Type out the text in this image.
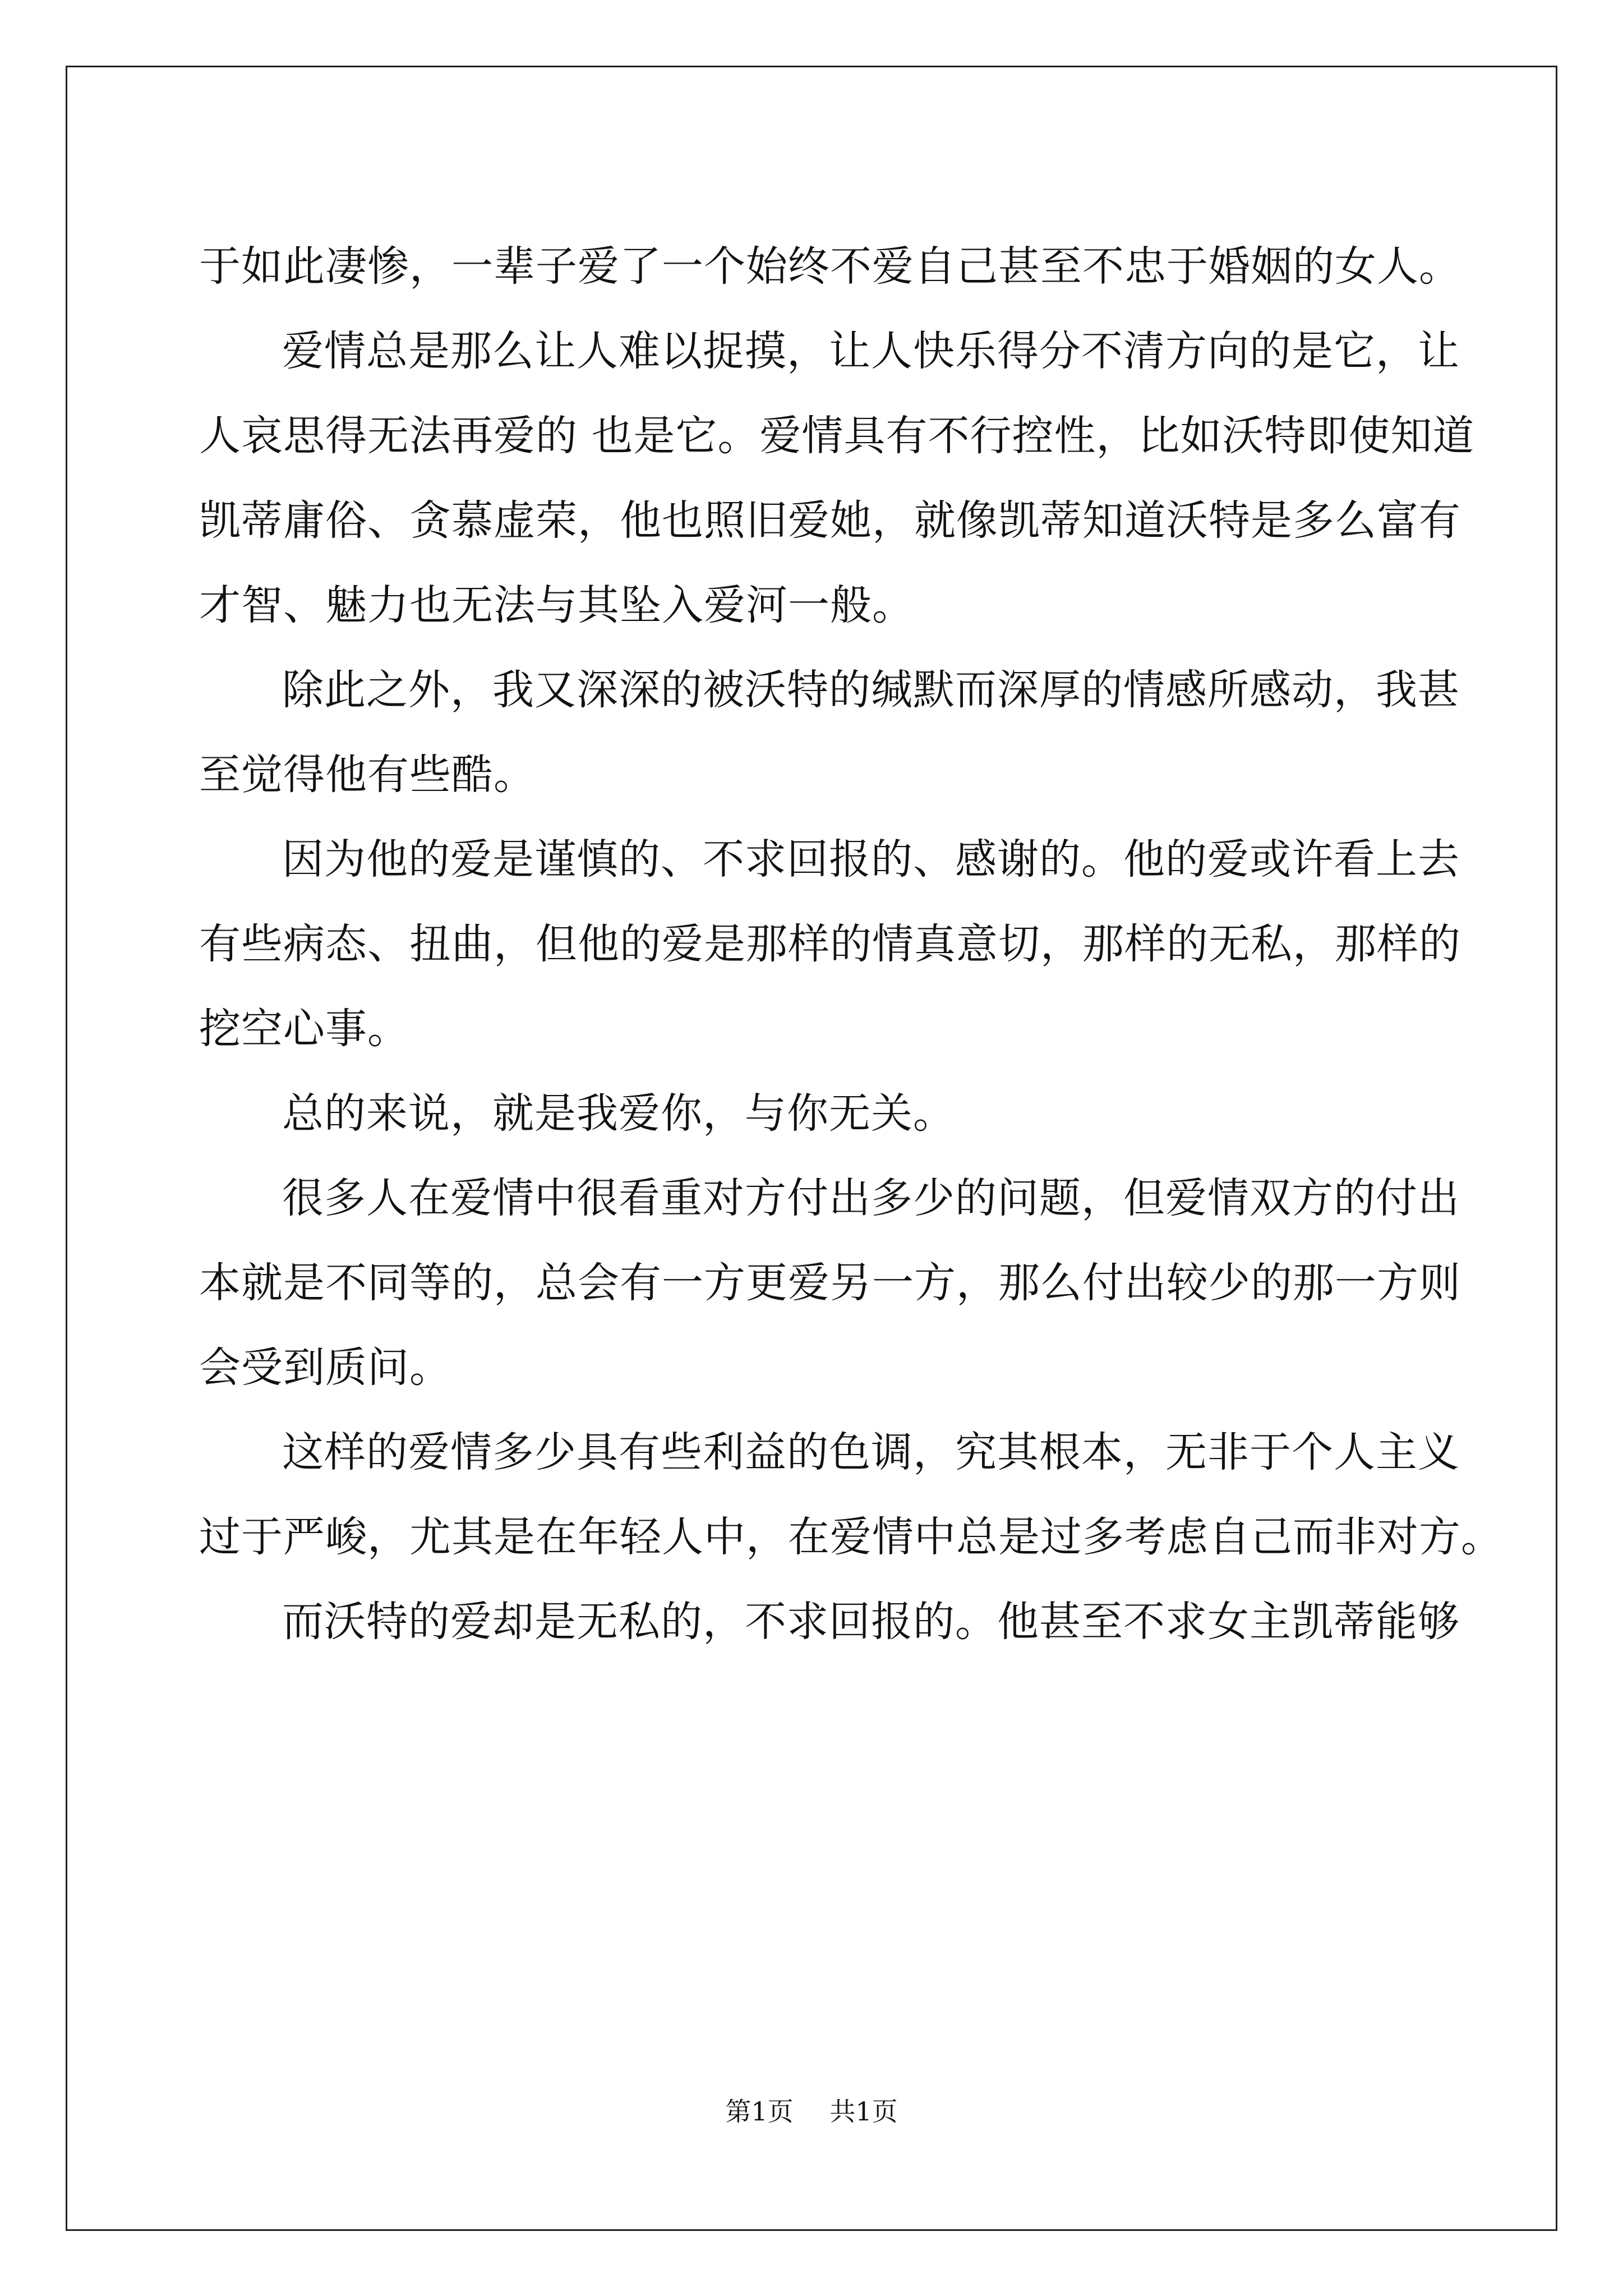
于如此凄惨，一辈子爱了一个始终不爱自己甚至不忠于婚姻的女人。
爱情总是那么让人难以捉摸，让人快乐得分不清方向的是它，让
人哀思得无法再爱的 也是它。爱情具有不行控性，比如沃特即使知道
凯蒂庸俗、贪慕虚荣，他也照旧爱她，就像凯蒂知道沃特是多么富有
才智、魅力也无法与其坠入爱河一般。
除此之外，我又深深的被沃特的缄默而深厚的情感所感动，我甚
至觉得他有些酷。
因为他的爱是谨慎的、不求回报的、感谢的。他的爱或许看上去
有些病态、扭曲，但他的爱是那样的情真意切，那样的无私，那样的
挖空心事。
总的来说，就是我爱你，与你无关。
很多人在爱情中很看重对方付出多少的问题，但爱情双方的付出
本就是不同等的，总会有一方更爱另一方，那么付出较少的那一方则
会受到质问。
这样的爱情多少具有些利益的色调，究其根本，无非于个人主义
过于严峻，尤其是在年轻人中，在爱情中总是过多考虑自己而非对方。
而沃特的爱却是无私的，不求回报的。他甚至不求女主凯蒂能够
第1页 共1页
